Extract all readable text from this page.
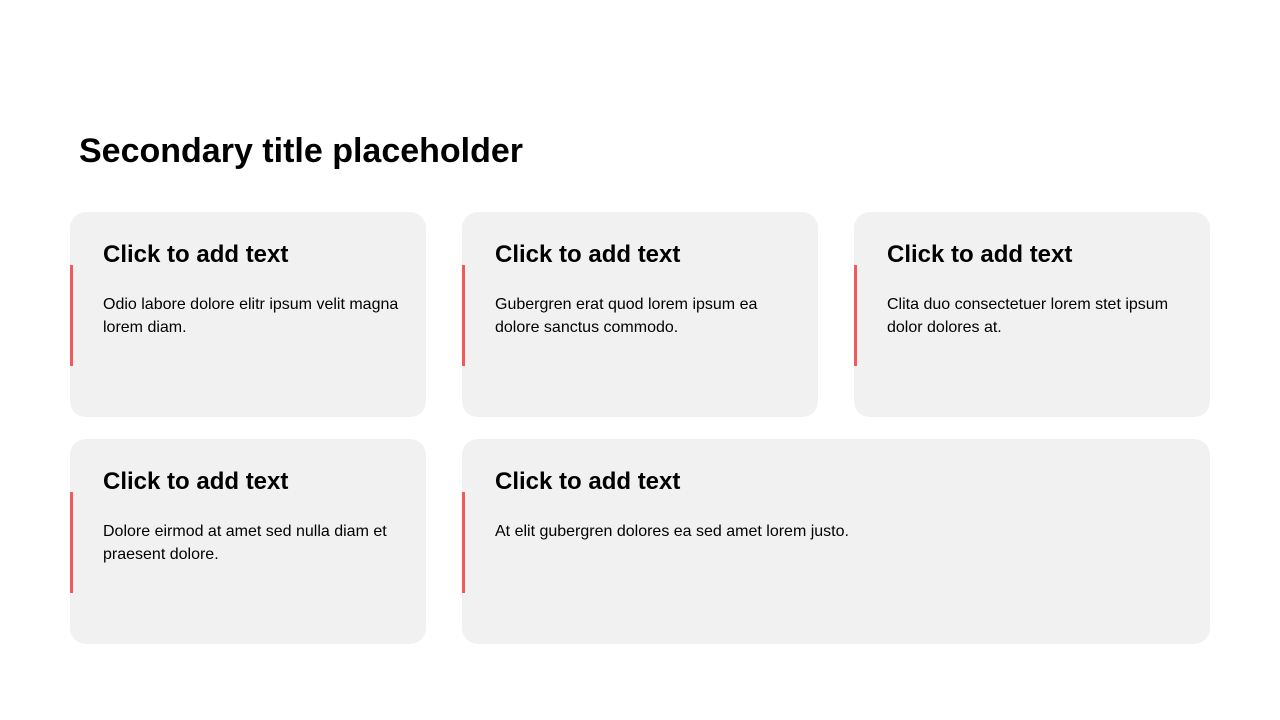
Secondary title placeholder
Click to add text

Odio labore dolore elitr ipsum velit magna lorem diam.

Click to add text

Gubergren erat quod lorem ipsum ea dolore sanctus commodo.

Click to add text

Clita duo consectetuer lorem stet ipsum dolor dolores at.

Click to add text

Dolore eirmod at amet sed nulla diam et praesent dolore.

Click to add text

At elit gubergren dolores ea sed amet lorem justo.
